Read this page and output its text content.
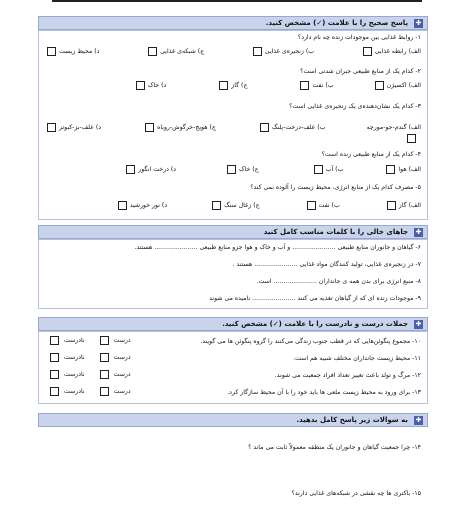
✚
پاسخ صحیح را با علامت (✓) مشخص کنید.
۱- روابط غذایی بین موجودات زنده چه نام دارد؟
الف) رابطه غذایی
ب) زنجیره‌ی غذایی
ج) شبکه‌ی غذایی
د) محیط زیست
۲- کدام یک از منابع طبیعی جبران شدنی است؟
الف) اکسیژن
ب) نفت
ج) گاز
د) خاک
۳- کدام یک نشان‌دهنده‌ی یک زنجیره‌ی غذایی است؟
الف) گندم-جو-مورچه
ب) علف-درخت-پلنگ
ج) هویج-خرگوش-روباه
د) علف-بز-کبوتر
۴- کدام یک از منابع طبیعی زنده است؟
الف) هوا
ب) آب
ج) خاک
د) درخت انگور
۵- مصرف کدام یک از منابع انرژی، محیط زیست را آلوده نمی کند؟
الف) گاز
ب) نفت
ج) زغال سنگ
د) نور خورشید
✚
جاهای خالی را با کلمات مناسب کامل کنید
۶- گیاهان و جانوران منابع طبیعی ...................... و آب و خاک و هوا جزو منابع طبیعی ...................... هستند.
۷- در زنجیره‌ی غذایی، تولید کنندگان مواد غذایی ...................... هستند .
۸- منبع انرژی برای بدن همه ی جانداران ...................... است.
۹- موجودات زنده ای که از گیاهان تغذیه می کنند ...................... نامیده می شوند
✚
جملات درست و نادرست را با علامت (✓) مشخص کنید.
۱۰- مجموع پنگوئن‌هایی که در قطب جنوب زندگی می‌کنند را گروه پنگوئن ها می گویند.
درست
نادرست
۱۱- محیط زیست جانداران مختلف شبیه هم است.
درست
نادرست
۱۲- مرگ و تولد باعث تغییر تعداد افراد جمعیت می شوند.
درست
نادرست
۱۳- برای ورود به محیط زیست ملعی ها باید خود را با آن محیط سازگار کرد.
درست
نادرست
✚
به سوالات زیر پاسخ کامل بدهید.
۱۴- چرا جمعیت گیاهان و جانوران یک منطقه معمولاً ثابت می ماند ؟
۱۵- باکتری ها چه نقشی در شبکه‌های غذایی دارند؟
